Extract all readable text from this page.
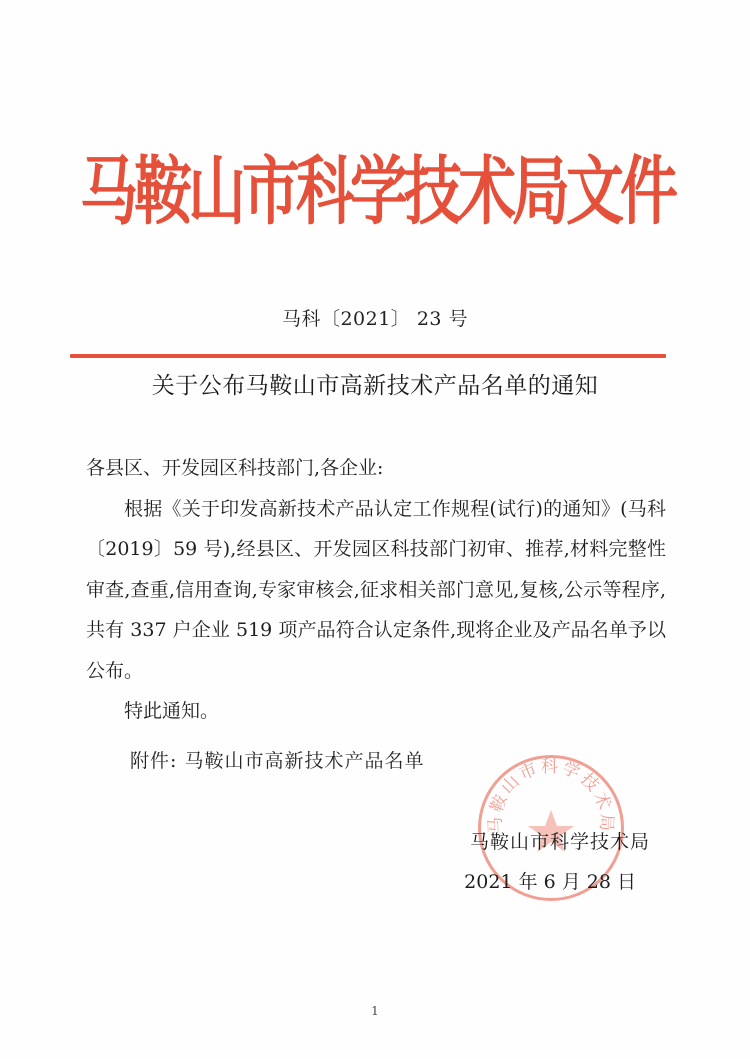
马鞍山市科学技术局文件
马科〔2021〕 23 号
关于公布马鞍山市高新技术产品名单的通知

各县区、开发园区科技部门,各企业:

根据《关于印发高新技术产品认定工作规程(试行)的通知》(马科〔2019〕59 号),经县区、开发园区科技部门初审、推荐,材料完整性审查,查重,信用查询,专家审核会,征求相关部门意见,复核,公示等程序,共有 337 户企业 519 项产品符合认定条件,现将企业及产品名单予以公布。

特此通知。

附件: 马鞍山市高新技术产品名单
马鞍山市科学技术局
马鞍山市科学技术局
2021 年 6 月 28 日
1
